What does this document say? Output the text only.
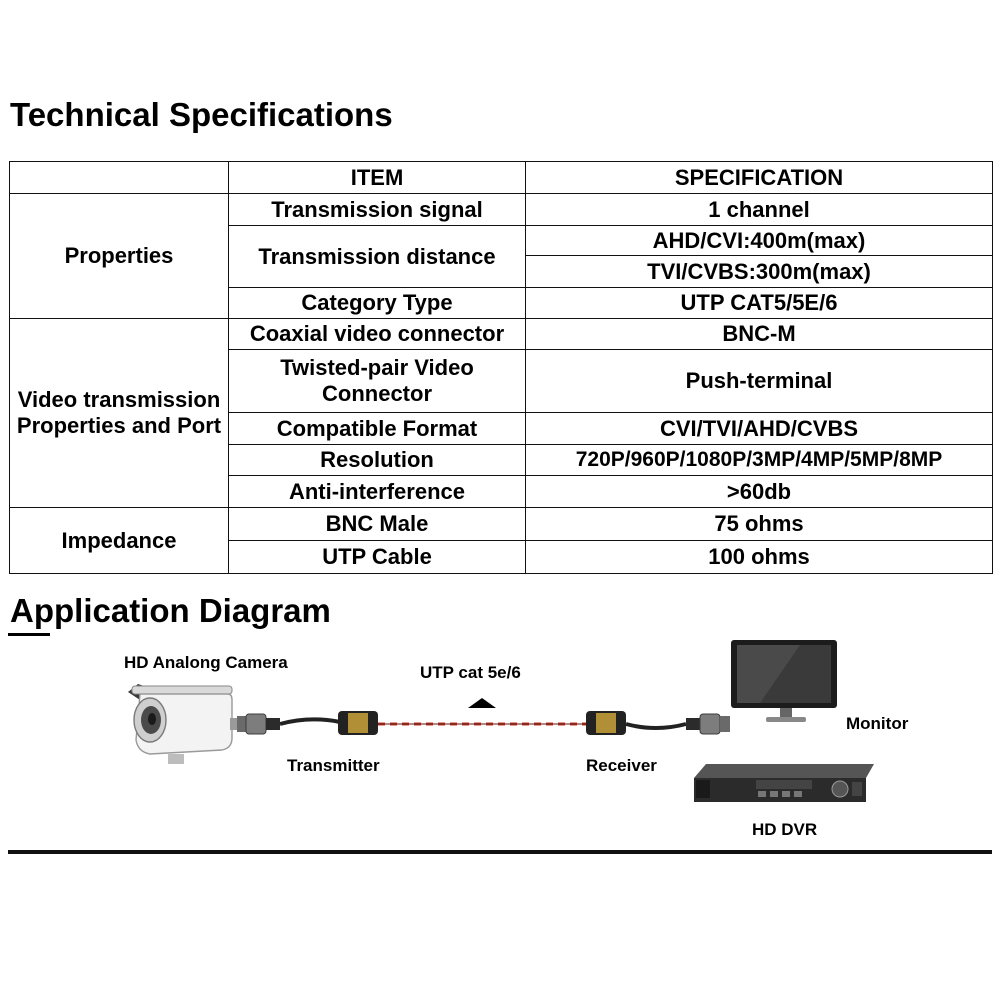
Technical Specifications
	ITEM	SPECIFICATION
Properties	Transmission signal	1 channel
	Transmission distance	AHD/CVI:400m(max)
		TVI/CVBS:300m(max)
	Category Type	UTP CAT5/5E/6
Video transmission Properties and Port	Coaxial video connector	BNC-M
	Twisted-pair Video Connector	Push-terminal
	Compatible Format	CVI/TVI/AHD/CVBS
	Resolution	720P/960P/1080P/3MP/4MP/5MP/8MP
	Anti-interference	>60db

Impedance	BNC Male	75 ohms
	UTP Cable	100 ohms
Application Diagram
HD Analong Camera
UTP cat 5e/6
Transmitter	Receiver
Monitor
HD DVR
